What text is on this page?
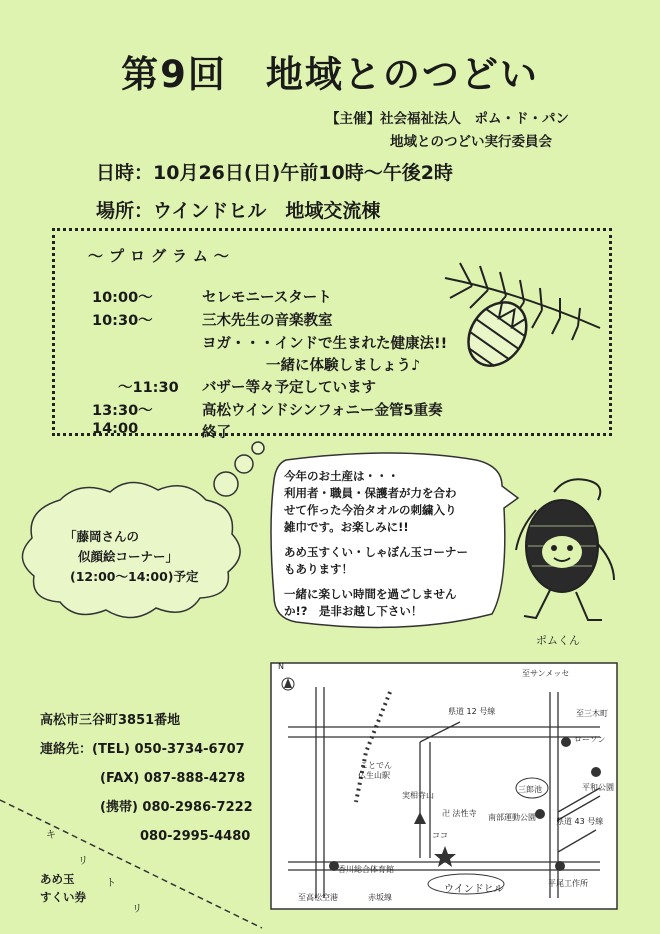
第9回　地域とのつどい
【主催】社会福祉法人　ポム・ド・パン
地域とのつどい実行委員会
日時：10月26日(日)午前10時～午後2時
場所：ウインドヒル　地域交流棟
～プログラム～
10:00～	セレモニースタート
10:30～	三木先生の音楽教室
ヨガ・・・インドで生まれた健康法!!
一緒に体験しましょう♪
～11:30 バザー等々予定しています
13:30～	高松ウインドシンフォニー金管5重奏
14:00	終了
「藤岡さんの
似顔絵コーナー」
(12:00～14:00)予定
今年のお土産は・・・
利用者・職員・保護者が力を合わ
せて作った今治タオルの刺繍入り
雑巾です。お楽しみに!!
あめ玉すくい・しゃぼん玉コーナー
もあります！
一緒に楽しい時間を過ごしません
か!?　是非お越し下さい！
ポムくん
高松市三谷町3851番地
連絡先：(TEL) 050-3734-6707
(FAX) 087-888-4278
(携帯) 080-2986-7222
080-2995-4480
N
至サンメッセ
至三木町
県道 12 号線
ローソン
ことでん
仏生山駅
実相寺山
卍 法性寺
三郎池	平和公園
南部運動公園	県道 43 号線
ココ
香川総合体育館
ウインドヒル
至高松空港	赤坂線
平尾工作所
キ
リ
ト
リ
あめ玉
すくい券
